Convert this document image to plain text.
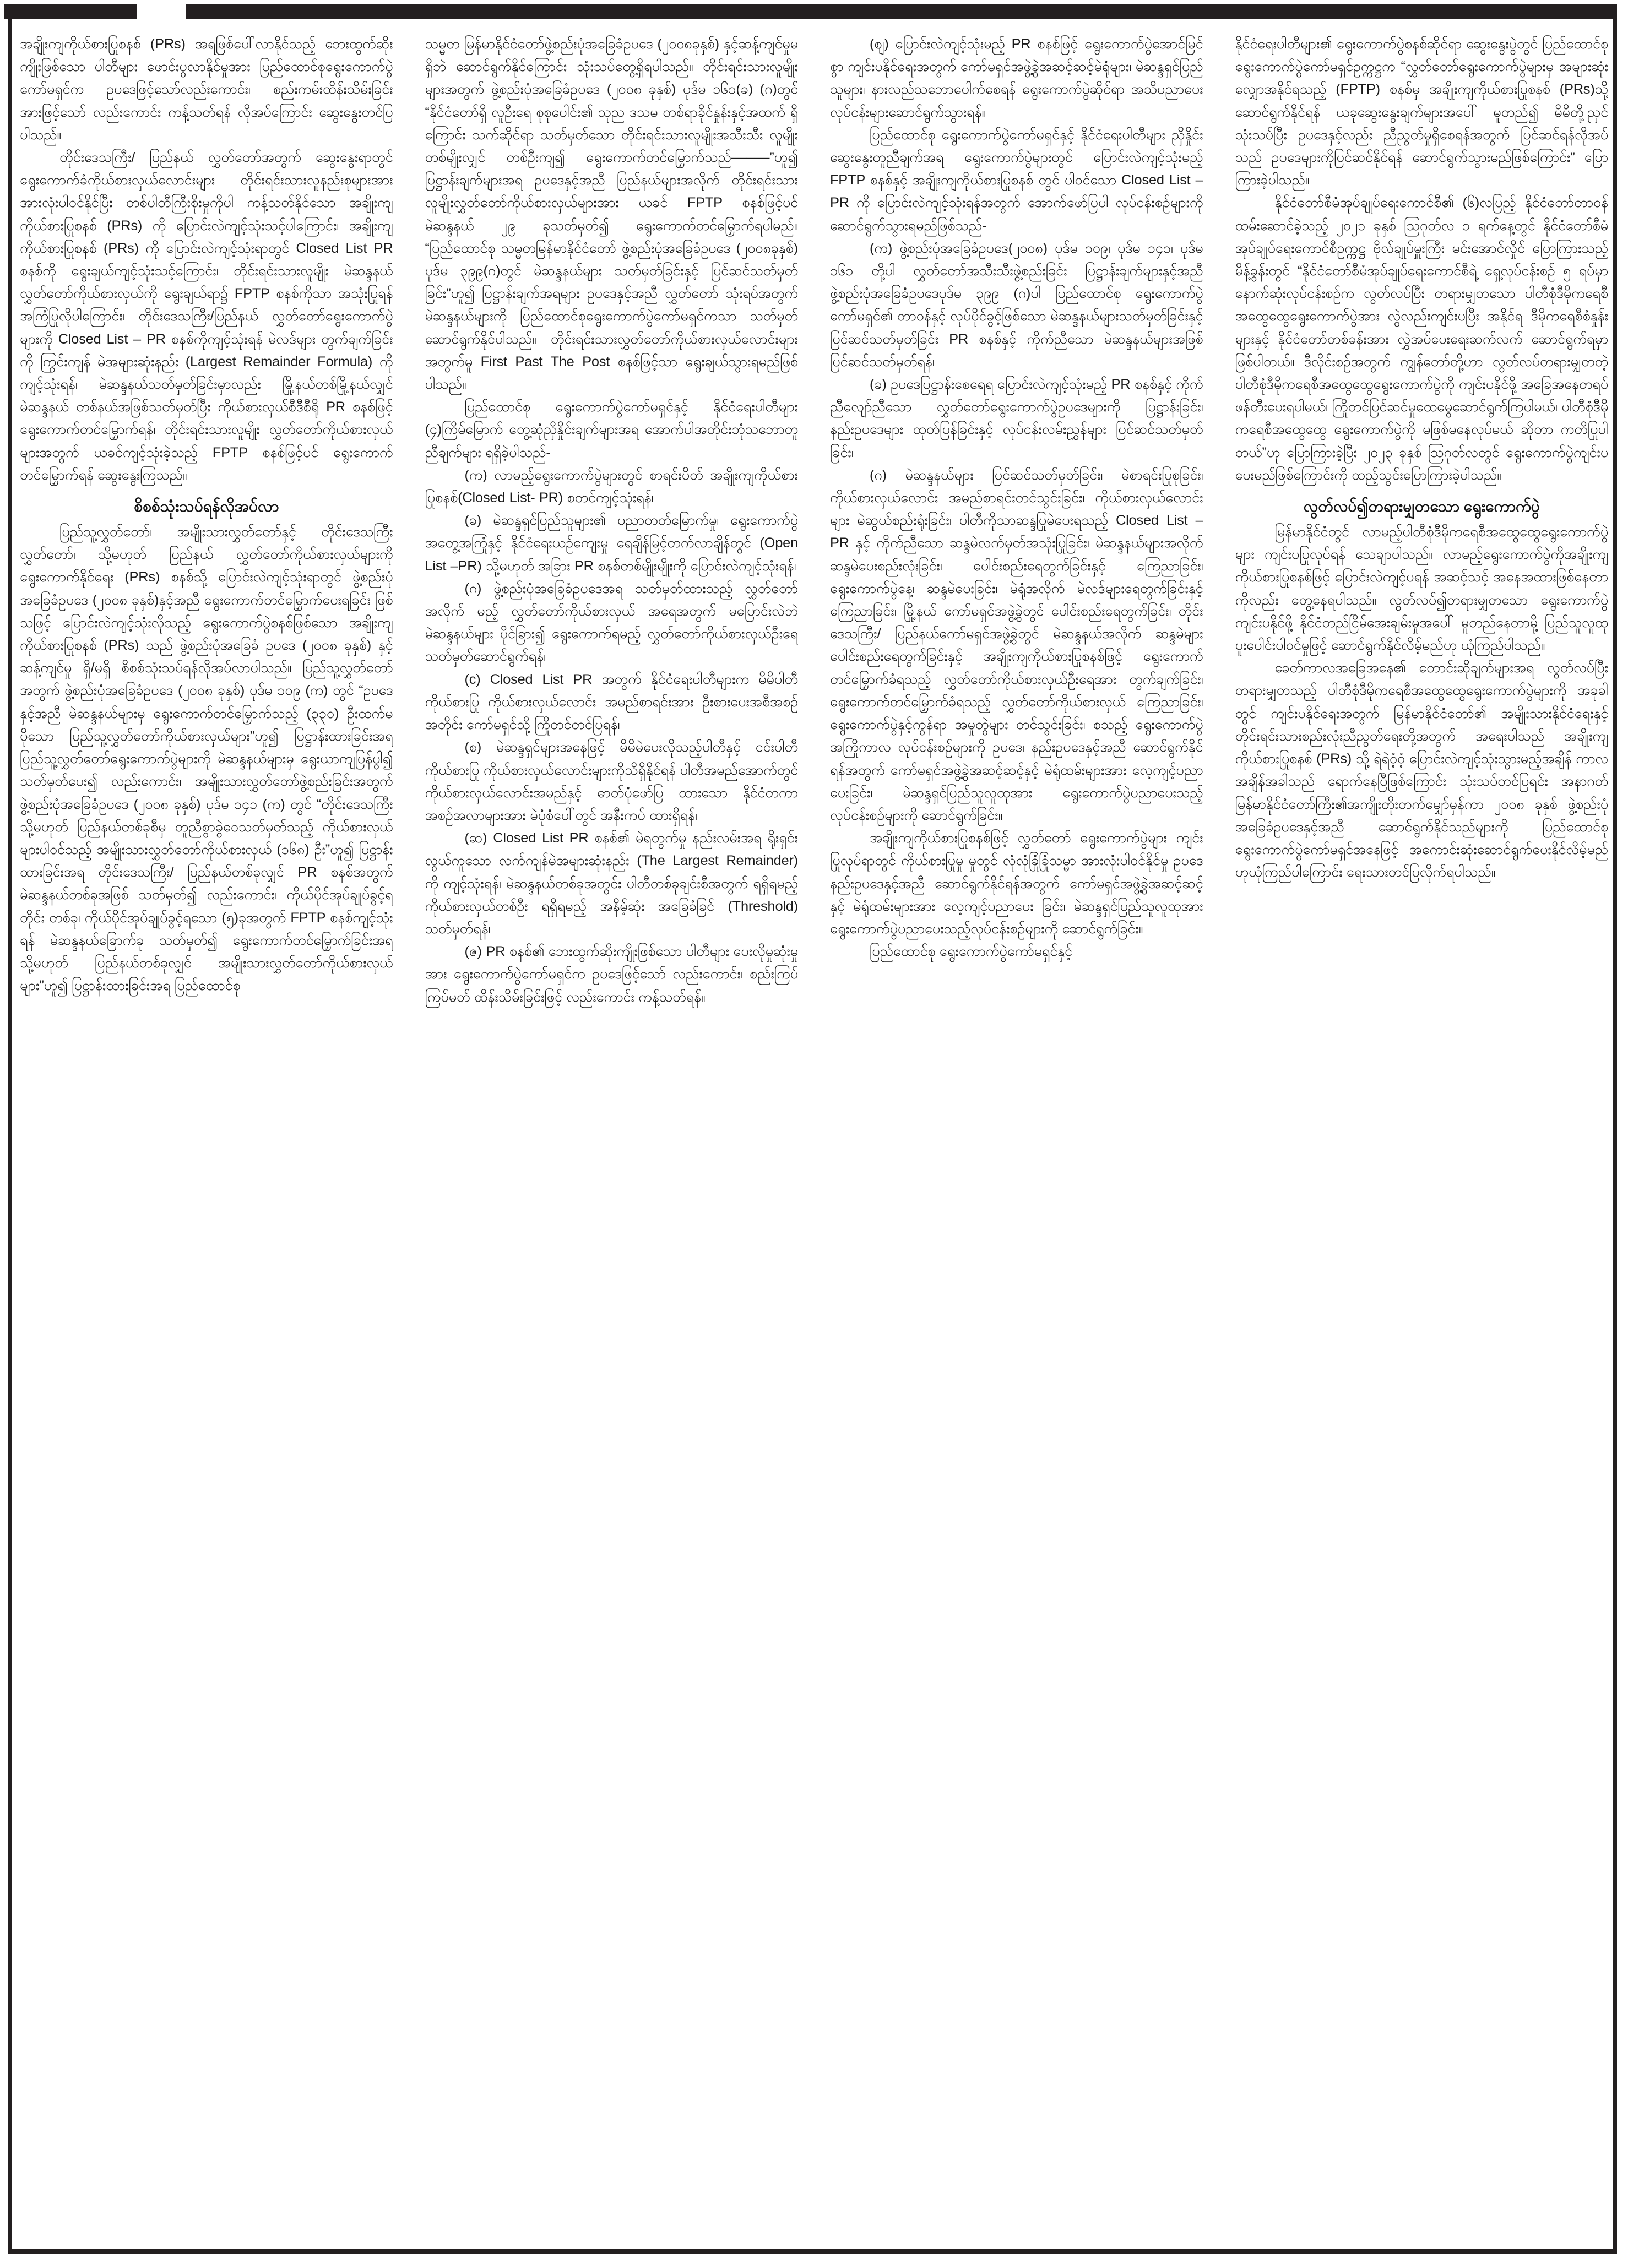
အချိုးကျကိုယ်စားပြုစနစ် (PRs) အရဖြစ်ပေါ်လာနိုင်သည့် ဘေးထွက်ဆိုးကျိုးဖြစ်သော ပါတီများ ဖောင်းပွလာနိုင်မှုအား ပြည်ထောင်စုရွေးကောက်ပွဲကော်မရှင်က ဥပဒေဖြင့်သော်လည်းကောင်း၊ စည်းကမ်းထိန်းသိမ်းခြင်းအားဖြင့်သော် လည်းကောင်း ကန့်သတ်ရန် လိုအပ်ကြောင်း ဆွေးနွေးတင်ပြပါသည်။

တိုင်းဒေသကြီး/ ပြည်နယ် လွှတ်တော်အတွက် ဆွေးနွေးရာတွင် ရွေးကောက်ခံကိုယ်စားလှယ်လောင်းများ တိုင်းရင်းသားလူနည်းစုများအား အားလုံးပါဝင်နိုင်ပြီး တစ်ပါတီကြီးစိုးမှုကိုပါ ကန့်သတ်နိုင်သော အချိုးကျကိုယ်စားပြုစနစ် (PRs) ကို ပြောင်းလဲကျင့်သုံးသင့်ပါကြောင်း၊ အချိုးကျကိုယ်စားပြုစနစ် (PRs) ကို ပြောင်းလဲကျင့်သုံးရာတွင် Closed List PR စနစ်ကို ရွေးချယ်ကျင့်သုံးသင့်ကြောင်း၊ တိုင်းရင်းသားလူမျိုး မဲဆန္ဒနယ် လွှတ်တော်ကိုယ်စားလှယ်ကို ရွေးချယ်ရာ၌ FPTP စနစ်ကိုသာ အသုံးပြုရန် အကြံပြုလိုပါကြောင်း၊ တိုင်းဒေသကြီး/ပြည်နယ် လွှတ်တော်ရွေးကောက်ပွဲများကို Closed List – PR စနစ်ကိုကျင့်သုံးရန် မဲလဒ်များ တွက်ချက်ခြင်းကို ကြွင်းကျန် မဲအများဆုံးနည်း (Largest Remainder Formula) ကိုကျင့်သုံးရန်၊ မဲဆန္ဒနယ်သတ်မှတ်ခြင်းမှာလည်း မြို့နယ်တစ်မြို့နယ်လျှင် မဲဆန္ဒနယ် တစ်နယ်အဖြစ်သတ်မှတ်ပြီး ကိုယ်စားလှယ်စီဒီစီရို PR စနစ်ဖြင့် ရွေးကောက်တင်မြှောက်ရန်၊ တိုင်းရင်းသားလူမျိုး လွှတ်တော်ကိုယ်စားလှယ်များအတွက် ယခင်ကျင့်သုံးခဲ့သည့် FPTP စနစ်ဖြင့်ပင် ရွေးကောက်တင်မြှောက်ရန် ဆွေးနွေးကြသည်။

စိစစ်သုံးသပ်ရန်လိုအပ်လာ

ပြည်သူ့လွှတ်တော်၊ အမျိုးသားလွှတ်တော်နှင့် တိုင်းဒေသကြီးလွှတ်တော်၊ သို့မဟုတ် ပြည်နယ် လွှတ်တော်ကိုယ်စားလှယ်များကို ရွေးကောက်နိုင်ရေး (PRs) စနစ်သို့ ပြောင်းလဲကျင့်သုံးရာတွင် ဖွဲ့စည်းပုံအခြေခံဥပဒေ (၂၀၀၈ ခုနှစ်)နှင့်အညီ ရွေးကောက်တင်မြှောက်ပေးရခြင်း ဖြစ်သဖြင့် ပြောင်းလဲကျင့်သုံးလိုသည့် ရွေးကောက်ပွဲစနစ်ဖြစ်သော အချိုးကျကိုယ်စားပြုစနစ် (PRs) သည် ဖွဲ့စည်းပုံအခြေခံ ဥပဒေ (၂၀၀၈ ခုနှစ်) နှင့်ဆန့်ကျင်မှု ရှိ/မရှိ စိစစ်သုံးသပ်ရန်လိုအပ်လာပါသည်။ ပြည်သူ့လွှတ်တော်အတွက် ဖွဲ့စည်းပုံအခြေခံဥပဒေ (၂၀၀၈ ခုနှစ်) ပုဒ်မ ၁၀၉ (က) တွင် “ဥပဒေနှင့်အညီ မဲဆန္ဒနယ်များမှ ရွေးကောက်တင်မြှောက်သည့် (၃၃၀) ဦးထက်မပိုသော ပြည်သူ့လွှတ်တော်ကိုယ်စားလှယ်များ”ဟူ၍ ပြဋ္ဌာန်းထားခြင်းအရ ပြည်သူ့လွှတ်တော်ရွေးကောက်ပွဲများကို မဲဆန္ဒနယ်များမှ ရွေးယာကျပြန်ပွါ၍ သတ်မှတ်ပေး၍ လည်းကောင်း၊ အမျိုးသားလွှတ်တော်ဖွဲ့စည်းခြင်းအတွက် ဖွဲ့စည်းပုံအခြေခံဥပဒေ (၂၀၀၈ ခုနှစ်) ပုဒ်မ ၁၄၁ (က) တွင် “တိုင်းဒေသကြီး သို့မဟုတ် ပြည်နယ်တစ်ခုစီမှ တူညီစွာခွဲဝေသတ်မှတ်သည့် ကိုယ်စားလှယ်များပါဝင်သည့် အမျိုးသားလွှတ်တော်ကိုယ်စားလှယ် (၁၆၈) ဦး”ဟူ၍ ပြဋ္ဌာန်းထားခြင်းအရ တိုင်းဒေသကြီး/ ပြည်နယ်တစ်ခုလျှင် PR စနစ်အတွက် မဲဆန္ဒနယ်တစ်ခုအဖြစ် သတ်မှတ်၍ လည်းကောင်း၊ ကိုယ်ပိုင်အုပ်ချုပ်ခွင့်ရတိုင်း တစ်ခု၊ ကိုယ်ပိုင်အုပ်ချုပ်ခွင့်ရသော (၅)ခုအတွက် FPTP စနစ်ကျင့်သုံးရန် မဲဆန္ဒနယ်ခြောက်ခု သတ်မှတ်၍ ရွေးကောက်တင်မြှောက်ခြင်းအရ သို့မဟုတ် ပြည်နယ်တစ်ခုလျှင် အမျိုးသားလွှတ်တော်ကိုယ်စားလှယ်များ”ဟူ၍ ပြဋ္ဌာန်းထားခြင်းအရ ပြည်ထောင်စု

သမ္မတ မြန်မာနိုင်ငံတော်ဖွဲ့စည်းပုံအခြေခံဥပဒေ (၂၀၀၈ခုနှစ်) နှင့်ဆန့်ကျင်မှုမရှိဘဲ ဆောင်ရွက်နိုင်ကြောင်း သုံးသပ်တွေ့ရှိရပါသည်။ တိုင်းရင်းသားလူမျိုးများအတွက် ဖွဲ့စည်းပုံအခြေခံဥပဒေ (၂၀၀၈ ခုနှစ်) ပုဒ်မ ၁၆၁(ခ) (ဂ)တွင် “နိုင်ငံတော်ရှိ လူဦးရေ စုစုပေါင်း၏ သုည ဒသမ တစ်ရာခိုင်နှုန်းနှင့်အထက် ရှိကြောင်း သက်ဆိုင်ရာ သတ်မှတ်သော တိုင်းရင်းသားလူမျိုးအသီးသီး လူမျိုးတစ်မျိုးလျှင် တစ်ဦးကျ၍ ရွေးကောက်တင်မြှောက်သည်–––––”ဟူ၍ ပြဋ္ဌာန်းချက်များအရ ဥပဒေနှင့်အညီ ပြည်နယ်များအလိုက် တိုင်းရင်းသား လူမျိုးလွှတ်တော်ကိုယ်စားလှယ်များအား ယခင် FPTP စနစ်ဖြင့်ပင် မဲဆန္ဒနယ် ၂၉ ခုသတ်မှတ်၍ ရွေးကောက်တင်မြှောက်ရပါမည်။ “ပြည်ထောင်စု သမ္မတမြန်မာနိုင်ငံတော် ဖွဲ့စည်းပုံအခြေခံဥပဒေ (၂၀၀၈ခုနှစ်) ပုဒ်မ ၃၉၉(ဂ)တွင် မဲဆန္ဒနယ်များ သတ်မှတ်ခြင်းနှင့် ပြင်ဆင်သတ်မှတ်ခြင်း”ဟူ၍ ပြဋ္ဌာန်းချက်အရများ ဥပဒေနှင့်အညီ လွှတ်တော် သုံးရပ်အတွက် မဲဆန္ဒနယ်များကို ပြည်ထောင်စုရွေးကောက်ပွဲကော်မရှင်ကသာ သတ်မှတ် ဆောင်ရွက်နိုင်ပါသည်။ တိုင်းရင်းသားလွှတ်တော်ကိုယ်စားလှယ်လောင်းများအတွက်မူ First Past The Post စနစ်ဖြင့်သာ ရွေးချယ်သွားရမည်ဖြစ်ပါသည်။

ပြည်ထောင်စု ရွေးကောက်ပွဲကော်မရှင်နှင့် နိုင်ငံရေးပါတီများ (၄)ကြိမ်မြောက် တွေ့ဆုံညှိနှိုင်းချက်များအရ အောက်ပါအတိုင်းဘုံသဘောတူညီချက်များ ရရှိခဲ့ပါသည်-

(က) လာမည့်ရွေးကောက်ပွဲများတွင် စာရင်းပိတ် အချိုးကျကိုယ်စားပြုစနစ်(Closed List- PR) စတင်ကျင့်သုံးရန်၊

(ခ) မဲဆန္ဒရှင်ပြည်သူများ၏ ပညာတတ်မြောက်မှု၊ ရွေးကောက်ပွဲအတွေ့အကြုံနှင့် နိုင်ငံရေးယဉ်ကျေးမှု ရေချိန်မြင့်တက်လာချိန်တွင် (Open List –PR) သို့မဟုတ် အခြား PR စနစ်တစ်မျိုးမျိုးကို ပြောင်းလဲကျင့်သုံးရန်၊

(ဂ) ဖွဲ့စည်းပုံအခြေခံဥပဒေအရ သတ်မှတ်ထားသည့် လွှတ်တော်အလိုက် မည့် လွှတ်တော်ကိုယ်စားလှယ် အရေအတွက် မပြောင်းလဲဘဲ မဲဆန္ဒနယ်များ ပိုင်ခြား၍ ရွေးကောက်ရမည့် လွှတ်တော်ကိုယ်စားလှယ်ဦးရေ သတ်မှတ်ဆောင်ရွက်ရန်၊

(c) Closed List PR အတွက် နိုင်ငံရေးပါတီများက မိမိပါတီကိုယ်စားပြု ကိုယ်စားလှယ်လောင်း အမည်စာရင်းအား ဦးစားပေးအစီအစဉ်အတိုင်း ကော်မရှင်သို့ ကြိုတင်တင်ပြရန်၊

(စ) မဲဆန္ဒရှင်များအနေဖြင့် မိမိမဲပေးလိုသည့်ပါတီနှင့် ငင်းပါတီကိုယ်စားပြု ကိုယ်စားလှယ်လောင်းများကိုသိရှိနိုင်ရန် ပါတီအမည်အောက်တွင် ကိုယ်စားလှယ်လောင်းအမည်နှင့် ဓာတ်ပုံဖော်ပြ ထားသော နိုင်ငံတကာအစဉ်အလာများအား မဲပုံစံပေါ်တွင် အနီးကပ် ထားရှိရန်၊

(ဆ) Closed List PR စနစ်၏ မဲရတွက်မှု နည်းလမ်းအရ ရိုးရှင်းလွယ်ကူသော လက်ကျန်မဲအများဆုံးနည်း (The Largest Remainder) ကို ကျင့်သုံးရန်၊ မဲဆန္ဒနယ်တစ်ခုအတွင်း ပါတီတစ်ခုချင်းစီအတွက် ရရှိရမည့် ကိုယ်စားလှယ်တစ်ဦး ရရှိရမည့် အနိမ့်ဆုံး အခြေခံခြင် (Threshold) သတ်မှတ်ရန်၊

(ဇ) PR စနစ်၏ ဘေးထွက်ဆိုးကျိုးဖြစ်သော ပါတီများ ပေးလိုမှုဆုံးမှုအား ရွေးကောက်ပွဲကော်မရှင်က ဥပဒေဖြင့်သော် လည်းကောင်း၊ စည်းကြပ်ကြပ်မတ် ထိန်းသိမ်းခြင်းဖြင့် လည်းကောင်း ကန့်သတ်ရန်။

(စျ) ပြောင်းလဲကျင့်သုံးမည့် PR စနစ်ဖြင့် ရွေးကောက်ပွဲအောင်မြင်စွာ ကျင်းပနိုင်ရေးအတွက် ကော်မရှင်အဖွဲ့ခွဲအဆင့်ဆင့်မဲရုံများ၊ မဲဆန္ဒရှင်ပြည်သူများ၊ နားလည်သဘောပေါက်စေရန် ရွေးကောက်ပွဲဆိုင်ရာ အသိပညာပေး လုပ်ငန်းများဆောင်ရွက်သွားရန်။

ပြည်ထောင်စု ရွေးကောက်ပွဲကော်မရှင်နှင့် နိုင်ငံရေးပါတီများ ညှိနှိုင်းဆွေးနွေးတူညီချက်အရ ရွေးကောက်ပွဲများတွင် ပြောင်းလဲကျင့်သုံးမည့် FPTP စနစ်နှင့် အချိုးကျကိုယ်စားပြုစနစ် တွင် ပါဝင်သော Closed List – PR ကို ပြောင်းလဲကျင့်သုံးရန်အတွက် အောက်ဖော်ပြပါ လုပ်ငန်းစဉ်များကို ဆောင်ရွက်သွားရမည်ဖြစ်သည်-

(က) ဖွဲ့စည်းပုံအခြေခံဥပဒေ(၂၀၀၈) ပုဒ်မ ၁၀၉၊ ပုဒ်မ ၁၄၁၊ ပုဒ်မ ၁၆၁ တို့ပါ လွှတ်တော်အသီးသီးဖွဲ့စည်းခြင်း ပြဋ္ဌာန်းချက်များနှင့်အညီ ဖွဲ့စည်းပုံအခြေခံဥပဒေပုဒ်မ ၃၉၉ (ဂ)ပါ ပြည်ထောင်စု ရွေးကောက်ပွဲကော်မရှင်၏ တာဝန်နှင့် လုပ်ပိုင်ခွင့်ဖြစ်သော မဲဆန္ဒနယ်များသတ်မှတ်ခြင်းနှင့် ပြင်ဆင်သတ်မှတ်ခြင်း PR စနစ်နှင့် ကိုက်ညီသော မဲဆန္ဒနယ်များအဖြစ် ပြင်ဆင်သတ်မှတ်ရန်၊

(ခ) ဥပဒေပြဋ္ဌာန်းစေရေရ ပြောင်းလဲကျင့်သုံးမည့် PR စနစ်နှင့် ကိုက်ညီလျော်ညီသော လွှတ်တော်ရွေးကောက်ပွဲဥပဒေများကို ပြဋ္ဌာန်းခြင်း၊ နည်းဥပဒေများ ထုတ်ပြန်ခြင်းနှင့် လုပ်ငန်းလမ်းညွှန်များ ပြင်ဆင်သတ်မှတ်ခြင်း၊

(ဂ) မဲဆန္ဒနယ်များ ပြင်ဆင်သတ်မှတ်ခြင်း၊ မဲစာရင်းပြုစုခြင်း၊ ကိုယ်စားလှယ်လောင်း အမည်စာရင်းတင်သွင်းခြင်း၊ ကိုယ်စားလှယ်လောင်းများ မဲဆွယ်စည်းရုံးခြင်း၊ ပါတီကိုသာဆန္ဒပြုမဲပေးရသည့် Closed List – PR နှင့် ကိုက်ညီသော ဆန္ဒမဲလက်မှတ်အသုံးပြုခြင်း၊ မဲဆန္ဒနယ်များအလိုက် ဆန္ဒမဲပေးစည်းလုံးခြင်း၊ ပေါင်းစည်းရေတွက်ခြင်းနှင့် ကြေညာခြင်း၊ ရွေးကောက်ပွဲနေ့၊ ဆန္ဒမဲပေးခြင်း၊ မဲရုံအလိုက် မဲလဒ်များရေတွက်ခြင်းနှင့် ကြေညာခြင်း၊ မြို့နယ် ကော်မရှင်အဖွဲ့ခွဲတွင် ပေါင်းစည်းရေတွက်ခြင်း၊ တိုင်းဒေသကြီး/ ပြည်နယ်ကော်မရှင်အဖွဲ့ခွဲတွင် မဲဆန္ဒနယ်အလိုက် ဆန္ဒမဲများပေါင်းစည်းရေတွက်ခြင်းနှင့် အချိုးကျကိုယ်စားပြုစနစ်ဖြင့် ရွေးကောက်တင်မြှောက်ခံရသည့် လွှတ်တော်ကိုယ်စားလှယ်ဦးရေအား တွက်ချက်ခြင်း၊ ရွေးကောက်တင်မြှောက်ခံရသည့် လွှတ်တော်ကိုယ်စားလှယ် ကြေညာခြင်း၊ ရွေးကောက်ပွဲနှင့်ကွန်ရာ အမှုတွဲများ တင်သွင်းခြင်း၊ စသည့် ရွေးကောက်ပွဲအကြိုကာလ လုပ်ငန်းစဉ်များကို ဥပဒေ၊ နည်းဥပဒေနှင့်အညီ ဆောင်ရွက်နိုင်ရန်အတွက် ကော်မရှင်အဖွဲ့ခွဲအဆင့်ဆင့်နှင့် မဲရုံထမ်းများအား လေ့ကျင့်ပညာပေးခြင်း၊ မဲဆန္ဒရှင်ပြည်သူလူထုအား ရွေးကောက်ပွဲပညာပေးသည့်လုပ်ငန်းစဉ်များကို ဆောင်ရွက်ခြင်း။

အချိုးကျကိုယ်စားပြုစနစ်ဖြင့် လွှတ်တော် ရွေးကောက်ပွဲများ ကျင်းပြုလုပ်ရာတွင် ကိုယ်စားပြုမှု မှုတွင် လုံလုံခြုံခြုံသမ္မာ အားလုံးပါဝင်နိုင်မှု ဥပဒေ နည်းဥပဒေနှင့်အညီ ဆောင်ရွက်နိုင်ရန်အတွက် ကော်မရှင်အဖွဲ့ခွဲအဆင့်ဆင့်နှင့် မဲရုံထမ်းများအား လေ့ကျင့်ပညာပေး ခြင်း၊ မဲဆန္ဒရှင်ပြည်သူလူထုအား ရွေးကောက်ပွဲပညာပေးသည့်လုပ်ငန်းစဉ်များကို ဆောင်ရွက်ခြင်း။

ပြည်ထောင်စု ရွေးကောက်ပွဲကော်မရှင်နှင့်

နိုင်ငံရေးပါတီများ၏ ရွေးကောက်ပွဲစနစ်ဆိုင်ရာ ဆွေးနွေးပွဲတွင် ပြည်ထောင်စုရွေးကောက်ပွဲကော်မရှင်ဥက္ကဋ္ဌက “လွှတ်တော်ရွေးကောက်ပွဲများမှ အများဆုံးလျှောအနိုင်ရသည့် (FPTP) စနစ်မှ အချိုးကျကိုယ်စားပြုစနစ် (PRs)သို့ ဆောင်ရွက်နိုင်ရန် ယခုဆွေးနွေးချက်များအပေါ် မူတည်၍ မိမိတို့ညှင်သုံးသပ်ပြီး ဥပဒေနှင့်လည်း ညီညွတ်မှုရှိစေရန်အတွက် ပြင်ဆင်ရန်လိုအပ်သည် ဥပဒေများကိုပြင်ဆင်နိုင်ရန် ဆောင်ရွက်သွားမည်ဖြစ်ကြောင်း” ပြောကြားခဲ့ပါသည်။

နိုင်ငံတော်စီမံအုပ်ချုပ်ရေးကောင်စီ၏ (၆)လပြည့် နိုင်ငံတော်တာဝန်ထမ်းဆောင်ခဲ့သည့် ၂၀၂၁ ခုနှစ် ဩဂုတ်လ ၁ ရက်နေ့တွင် နိုင်ငံတော်စီမံ အုပ်ချုပ်ရေးကောင်စီဥက္ကဋ္ဌ ဗိုလ်ချုပ်မှူးကြီး မင်းအောင်လှိုင် ပြောကြားသည့်မိန့်ခွန်းတွင် “နိုင်ငံတော်စီမံအုပ်ချုပ်ရေးကောင်စီရဲ့ ရှေ့လုပ်ငန်းစဉ် ၅ ရပ်မှာ နောက်ဆုံးလုပ်ငန်းစဉ်က လွတ်လပ်ပြီး တရားမျှတသော ပါတီစုံဒီမိုကရေစီအထွေထွေရွေးကောက်ပွဲအား လွဲလည်းကျင်းပပြီး အနိုင်ရ ဒီမိုကရေစီစံနှုန်းများနှင့် နိုင်ငံတော်တစ်ခန်းအား လွှဲအပ်ပေးရေးဆက်လက် ဆောင်ရွက်ရမှာဖြစ်ပါတယ်။ ဒီလိုင်းစဉ်အတွက် ကျွန်တော်တို့ဟာ လွတ်လပ်တရားမျှတတဲ့ ပါတီစုံဒီမိုကရေစီအထွေထွေရွေးကောက်ပွဲကို ကျင်းပနိုင်ဖို့ အခြေအနေတရပ် ဖန်တီးပေးရပါမယ်၊ ကြိုတင်ပြင်ဆင်မှုထေမွေဆောင်ရွက်ကြပါမယ်၊ ပါတီစုံဒီမိုကရေစီအထွေထွေ ရွေးကောက်ပွဲကို မဖြစ်မနေလုပ်မယ် ဆိုတာ ကတိပြုပါတယ်”ဟု ပြောကြားခဲ့ပြီး ၂၀၂၃ ခုနှစ် ဩဂုတ်လတွင် ရွေးကောက်ပွဲကျင်းပပေးမည်ဖြစ်ကြောင်းကို ထည့်သွင်းပြောကြားခဲ့ပါသည်။

လွတ်လပ်၍တရားမျှတသော ရွေးကောက်ပွဲ

မြန်မာနိုင်ငံတွင် လာမည့်ပါတီစုံဒီမိုကရေစီအထွေထွေရွေးကောက်ပွဲများ ကျင်းပပြုလုပ်ရန် သေချာပါသည်။ လာမည့်ရွေးကောက်ပွဲကိုအချိုးကျကိုယ်စားပြုစနစ်ဖြင့် ပြောင်းလဲကျင့်ပရန် အဆင့်သင့် အနေအထားဖြစ်နေတာကိုလည်း တွေ့နေရပါသည်။ လွတ်လပ်၍တရားမျှတသော ရွေးကောက်ပွဲ ကျင်းပနိုင်ဖို့ နိုင်ငံတည်ငြိမ်အေးချမ်းမှုအပေါ် မူတည်နေတာမို့ ပြည်သူလူထု ပူးပေါင်းပါဝင်မှုဖြင့် ဆောင်ရွက်နိုင်လိမ့်မည်ဟု ယုံကြည်ပါသည်။

ခေတ်ကာလအခြေအနေ၏ တောင်းဆိုချက်များအရ လွတ်လပ်ပြီးတရားမျှတသည့် ပါတီစုံဒီမိုကရေစီအထွေထွေရွေးကောက်ပွဲများကို အခုခါတွင် ကျင်းပနိုင်ရေးအတွက် မြန်မာနိုင်ငံတော်၏ အမျိုးသားနိုင်ငံရေးနှင့် တိုင်းရင်းသားစည်းလုံးညီညွတ်ရေးတို့အတွက် အရေးပါသည် အချိုးကျကိုယ်စားပြုစနစ် (PRs) သို့ ရဲရဲဝံ့ဝံ့ ပြောင်းလဲကျင့်သုံးသွားမည့်အချိန် ကာလအချိန်အခါသည် ရောက်နေပြီဖြစ်ကြောင်း သုံးသပ်တင်ပြရင်း အနာဂတ်မြန်မာနိုင်ငံတော်ကြီး၏အကျိုးတိုးတက်မျှော်မှန်ကာ ၂၀၀၈ ခုနှစ် ဖွဲ့စည်းပုံအခြေခံဥပဒေနှင့်အညီ ဆောင်ရွက်နိုင်သည်များကို ပြည်ထောင်စုရွေးကောက်ပွဲကော်မရှင်အနေဖြင့် အကောင်းဆုံးဆောင်ရွက်ပေးနိုင်လိမ့်မည်ဟုယုံကြည်ပါကြောင်း ရေးသားတင်ပြလိုက်ရပါသည်။
